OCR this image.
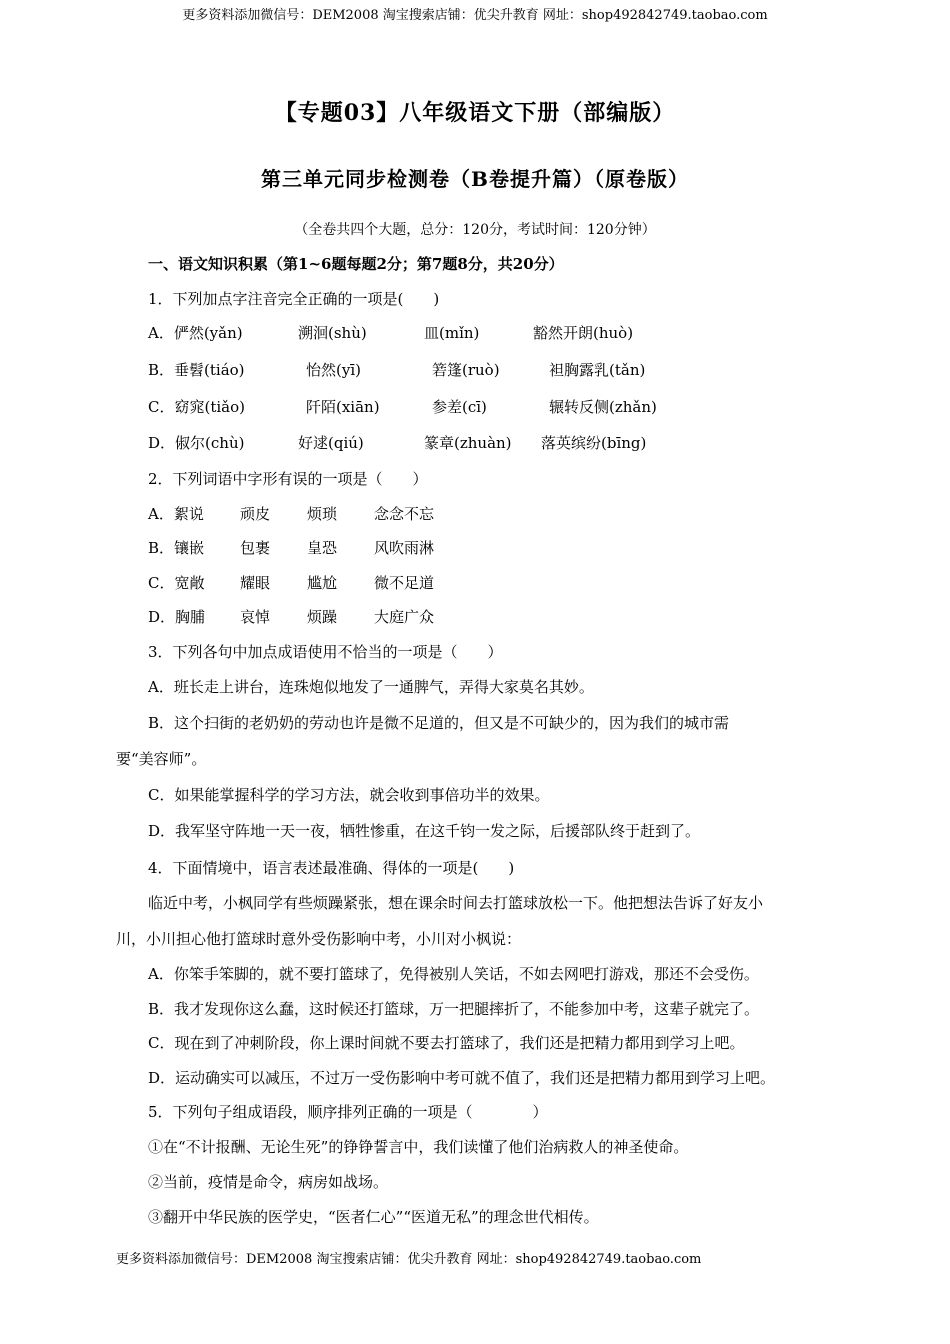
更多资料添加微信号：DEM2008 淘宝搜索店铺：优尖升教育 网址：shop492842749.taobao.com
【专题03】八年级语文下册（部编版）
第三单元同步检测卷（B卷提升篇）（原卷版）
（全卷共四个大题，总分：120分，考试时间：120分钟）
一、语文知识积累（第1~6题每题2分；第7题8分，共20分）
1．下列加点字注音完全正确的一项是(　　)
A．俨然(yǎn)	溯洄(shù)	皿(mǐn)	豁然开朗(huò)
B．垂髫(tiáo)	怡然(yī)	箬篷(ruò)	袒胸露乳(tǎn)
C．窈窕(tiǎo)	阡陌(xiān)	参差(cī)	辗转反侧(zhǎn)
D．俶尔(chù)	好逑(qiú)	篆章(zhuàn) 落英缤纷(bīng)
2．下列词语中字形有误的一项是（　　）
A．絮说 顽皮 烦琐 念念不忘
B．镶嵌 包裹 皇恐 风吹雨淋
C．宽敞 耀眼 尴尬 微不足道
D．胸脯 哀悼 烦躁 大庭广众
3．下列各句中加点成语使用不恰当的一项是（　　）
A．班长走上讲台，连珠炮似地发了一通脾气，弄得大家莫名其妙。
B．这个扫街的老奶奶的劳动也许是微不足道的，但又是不可缺少的，因为我们的城市需
要“美容师”。
C．如果能掌握科学的学习方法，就会收到事倍功半的效果。
D．我军坚守阵地一天一夜，牺牲惨重，在这千钧一发之际，后援部队终于赶到了。
4．下面情境中，语言表述最准确、得体的一项是(　　)
临近中考，小枫同学有些烦躁紧张，想在课余时间去打篮球放松一下。他把想法告诉了好友小
川，小川担心他打篮球时意外受伤影响中考，小川对小枫说：
A．你笨手笨脚的，就不要打篮球了，免得被别人笑话，不如去网吧打游戏，那还不会受伤。
B．我才发现你这么蠢，这时候还打篮球，万一把腿摔折了，不能参加中考，这辈子就完了。
C．现在到了冲刺阶段，你上课时间就不要去打篮球了，我们还是把精力都用到学习上吧。
D．运动确实可以减压，不过万一受伤影响中考可就不值了，我们还是把精力都用到学习上吧。
5．下列句子组成语段，顺序排列正确的一项是（　　　　）
①在“不计报酬、无论生死”的铮铮誓言中，我们读懂了他们治病救人的神圣使命。
②当前，疫情是命令，病房如战场。
③翻开中华民族的医学史，“医者仁心”“医道无私”的理念世代相传。
更多资料添加微信号：DEM2008 淘宝搜索店铺：优尖升教育 网址：shop492842749.taobao.com
